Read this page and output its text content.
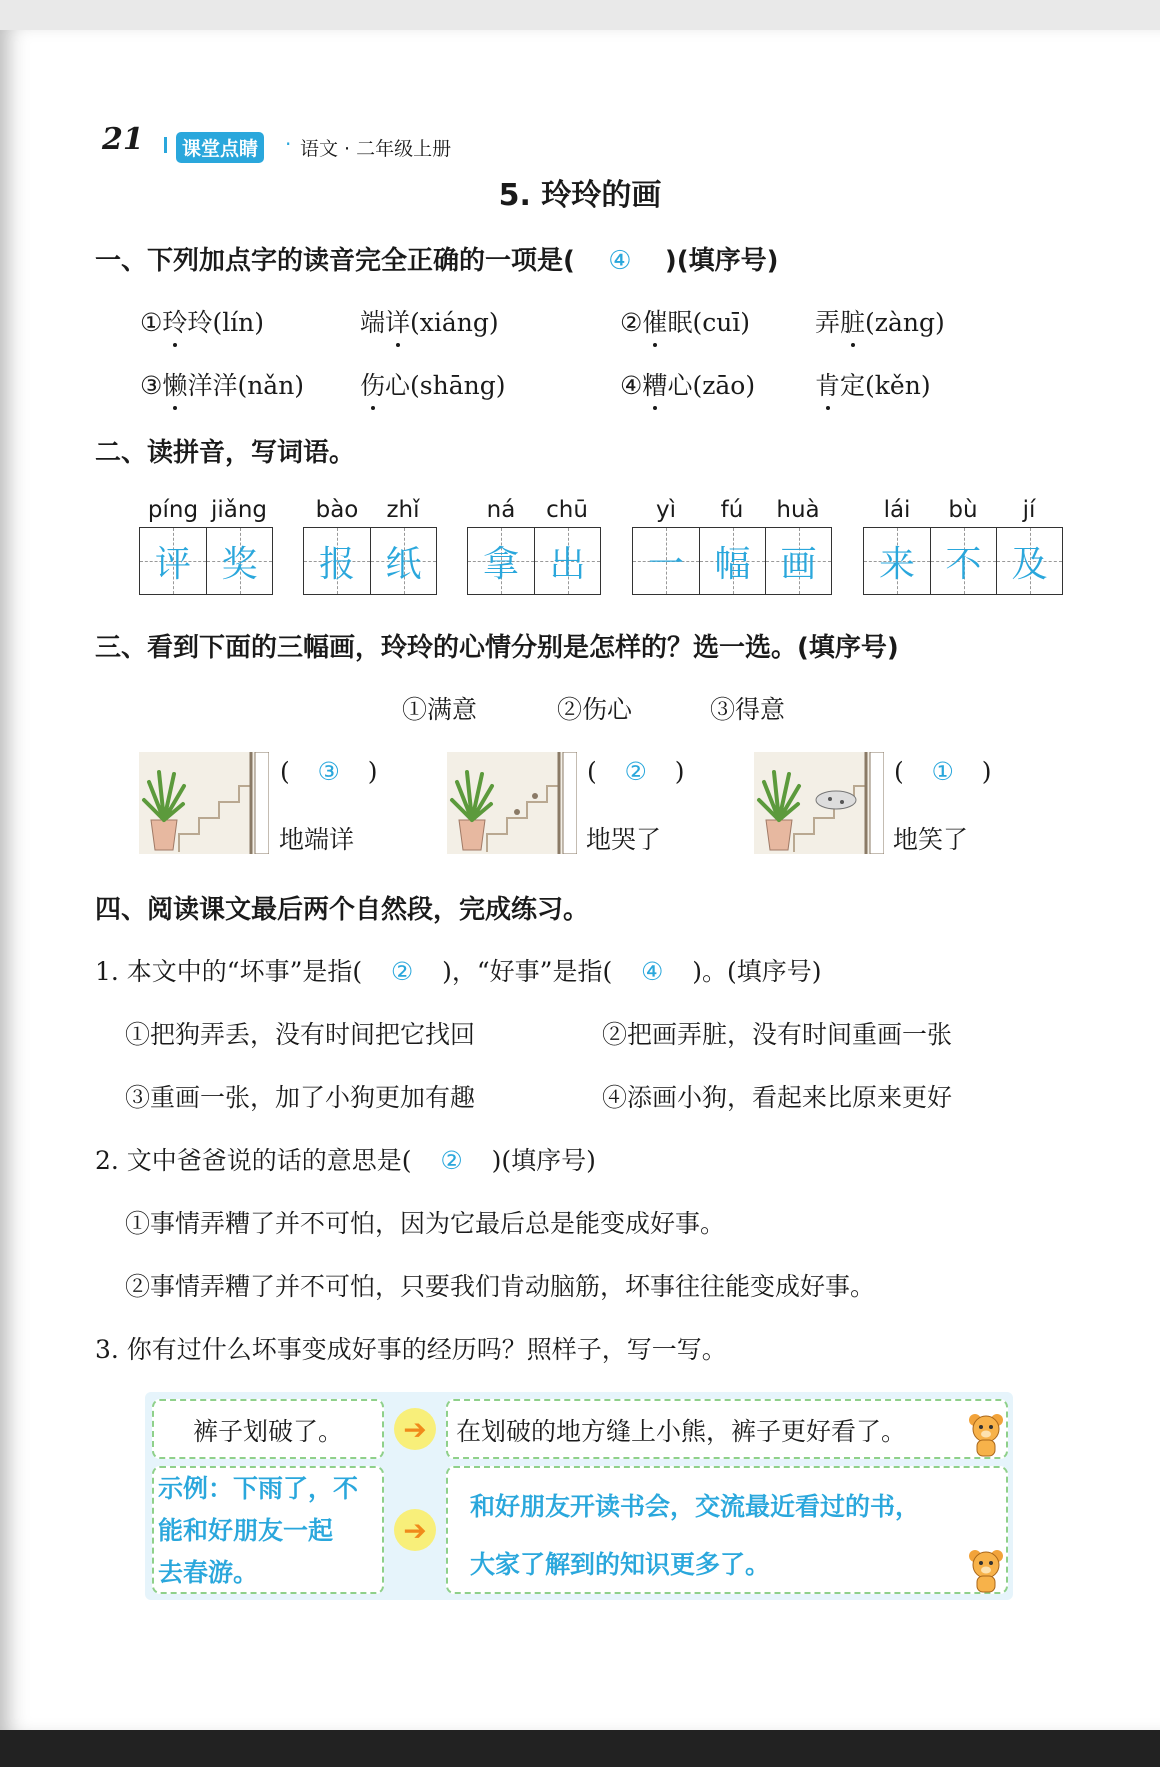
21	课堂点睛	· 语文 · 二年级上册
5. 玲玲的画
一、下列加点字的读音完全正确的一项是( ④ )(填序号)
①玲玲(lín)	端详(xiáng)	②催眠(cuī)	弄脏(zàng)
③懒洋洋(nǎn) 伤心(shāng)	④糟心(zāo) 肯定(kěn)
二、读拼音，写词语。
píng jiǎng
评 奖
bào	zhǐ
报 纸
ná	chū
拿 出
yì	fú	huà
一 幅 画
lái	bù	jí
来 不 及
三、看到下面的三幅画，玲玲的心情分别是怎样的？选一选。(填序号)
①满意	②伤心	③得意
( ③ )
地端详
( ② )
地哭了
( ① )
地笑了
四、阅读课文最后两个自然段，完成练习。
1. 本文中的“坏事”是指( ② )，“好事”是指( ④ )。(填序号)
①把狗弄丢，没有时间把它找回	②把画弄脏，没有时间重画一张
③重画一张，加了小狗更加有趣	④添画小狗，看起来比原来更好
2. 文中爸爸说的话的意思是( ② )(填序号)
①事情弄糟了并不可怕，因为它最后总是能变成好事。
②事情弄糟了并不可怕，只要我们肯动脑筋，坏事往往能变成好事。
3. 你有过什么坏事变成好事的经历吗？照样子，写一写。
裤子划破了。	➔	在划破的地方缝上小熊，裤子更好看了。
示例：下雨了，不
能和好朋友一起
去春游。
➔
和好朋友开读书会，交流最近看过的书，
大家了解到的知识更多了。
